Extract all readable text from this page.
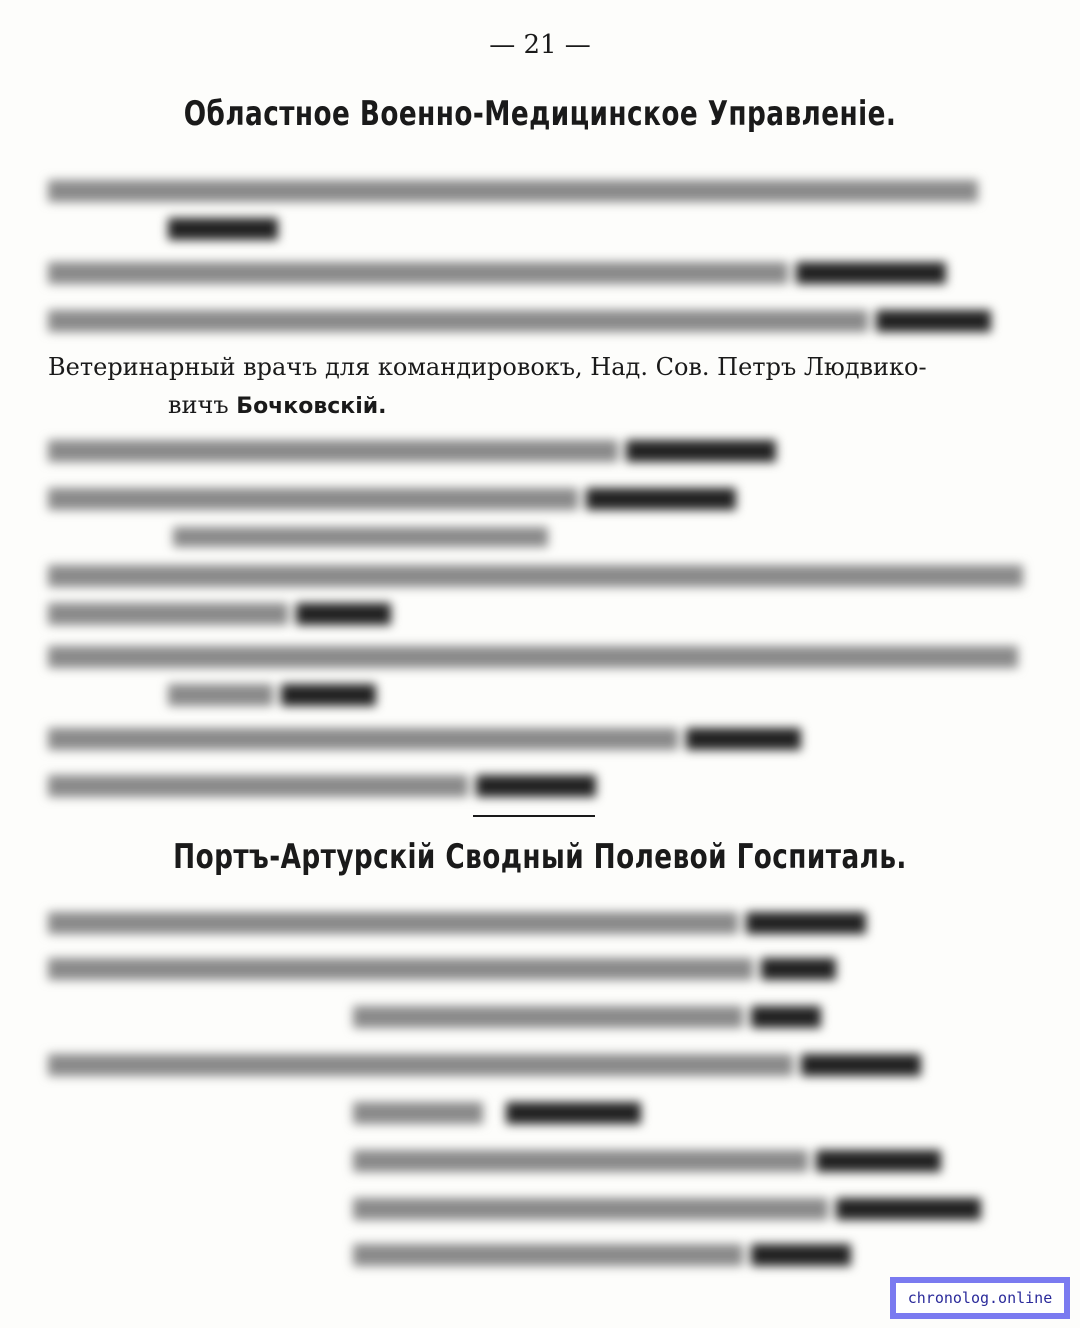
— 21 —
Областное Военно-Медицинское Управленіе.

Ветеринарный врачъ для командировокъ, Над. Сов. Петръ Людвико-
вичъ Бочковскій.

Портъ-Артурскій Сводный Полевой Госпиталь.

chronolog.online
